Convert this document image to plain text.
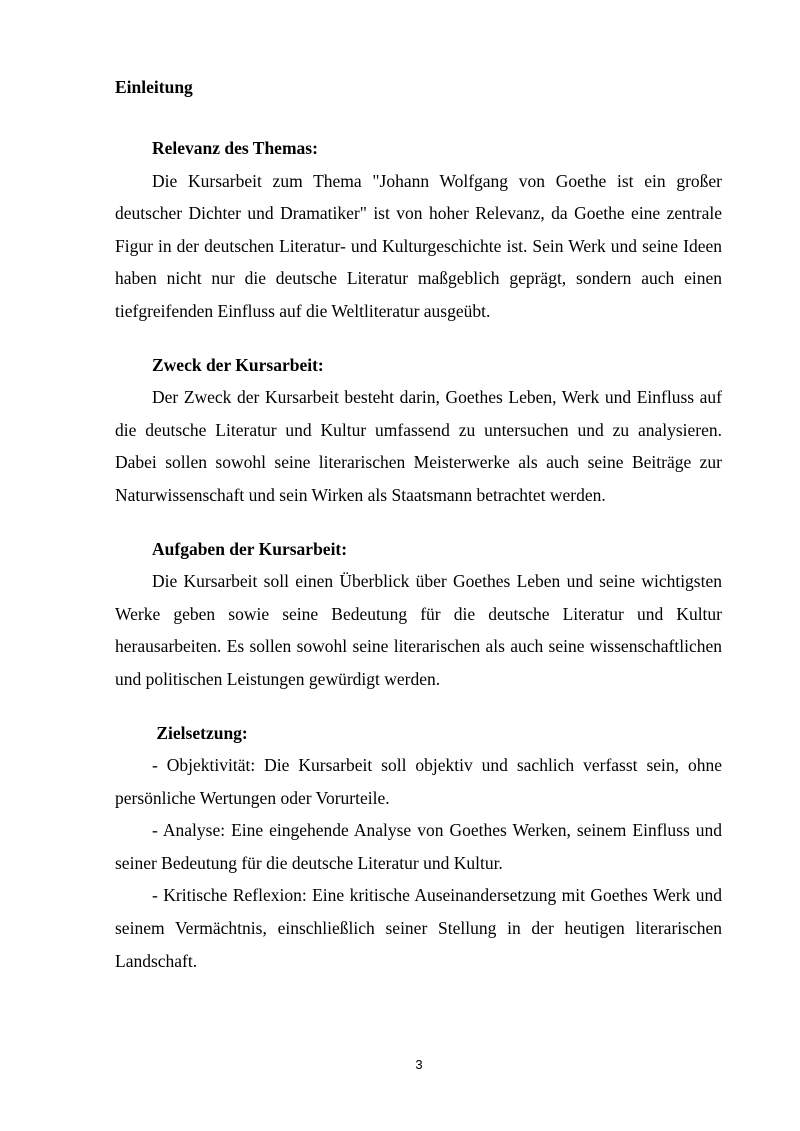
Einleitung
Relevanz des Themas:

Die Kursarbeit zum Thema "Johann Wolfgang von Goethe ist ein großer deutscher Dichter und Dramatiker" ist von hoher Relevanz, da Goethe eine zentrale Figur in der deutschen Literatur- und Kulturgeschichte ist. Sein Werk und seine Ideen haben nicht nur die deutsche Literatur maßgeblich geprägt, sondern auch einen tiefgreifenden Einfluss auf die Weltliteratur ausgeübt.

Zweck der Kursarbeit:

Der Zweck der Kursarbeit besteht darin, Goethes Leben, Werk und Einfluss auf die deutsche Literatur und Kultur umfassend zu untersuchen und zu analysieren. Dabei sollen sowohl seine literarischen Meisterwerke als auch seine Beiträge zur Naturwissenschaft und sein Wirken als Staatsmann betrachtet werden.

Aufgaben der Kursarbeit:

Die Kursarbeit soll einen Überblick über Goethes Leben und seine wichtigsten Werke geben sowie seine Bedeutung für die deutsche Literatur und Kultur herausarbeiten. Es sollen sowohl seine literarischen als auch seine wissenschaftlichen und politischen Leistungen gewürdigt werden.

Zielsetzung:

- Objektivität: Die Kursarbeit soll objektiv und sachlich verfasst sein, ohne persönliche Wertungen oder Vorurteile.

- Analyse: Eine eingehende Analyse von Goethes Werken, seinem Einfluss und seiner Bedeutung für die deutsche Literatur und Kultur.

- Kritische Reflexion: Eine kritische Auseinandersetzung mit Goethes Werk und seinem Vermächtnis, einschließlich seiner Stellung in der heutigen literarischen Landschaft.

3
